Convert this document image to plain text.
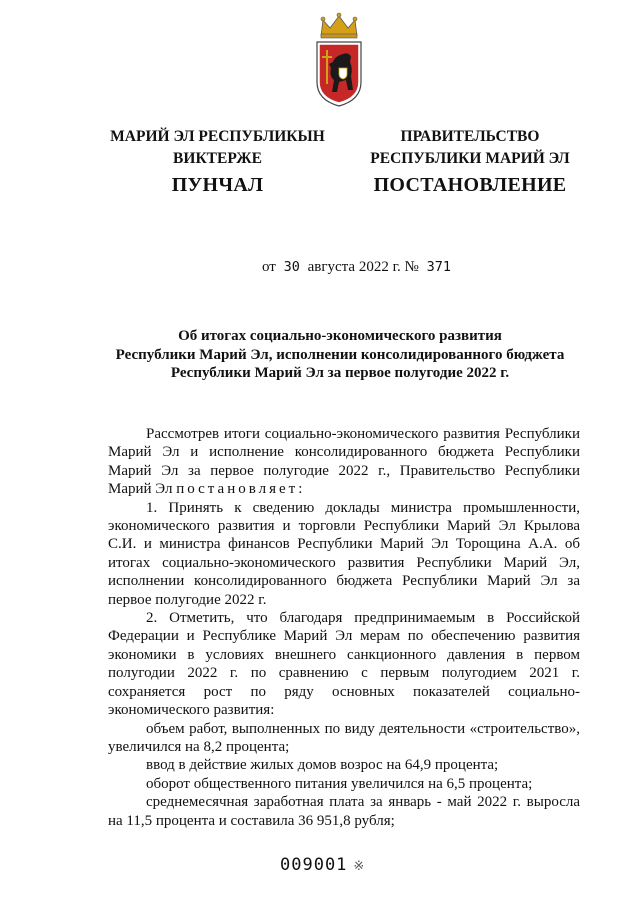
МАРИЙ ЭЛ РЕСПУБЛИКЫН
ВИКТЕРЖЕ
ПРАВИТЕЛЬСТВО
РЕСПУБЛИКИ МАРИЙ ЭЛ
ПУНЧАЛ	ПОСТАНОВЛЕНИЕ
от 30 августа 2022 г. № 371
Об итогах социально-экономического развития
Республики Марий Эл, исполнении консолидированного бюджета
Республики Марий Эл за первое полугодие 2022 г.

Рассмотрев итоги социально-экономического развития Республики Марий Эл и исполнение консолидированного бюджета Республики Марий Эл за первое полугодие 2022 г., Правительство Республики Марий Эл постановляет:

1. Принять к сведению доклады министра промышленности, экономического развития и торговли Республики Марий Эл Крылова С.И. и министра финансов Республики Марий Эл Торощина А.А. об итогах социально-экономического развития Республики Марий Эл, исполнении консолидированного бюджета Республики Марий Эл за первое полугодие 2022 г.

2. Отметить, что благодаря предпринимаемым в Российской Федерации и Республике Марий Эл мерам по обеспечению развития экономики в условиях внешнего санкционного давления в первом полугодии 2022 г. по сравнению с первым полугодием 2021 г. сохраняется рост по ряду основных показателей социально-экономического развития:

объем работ, выполненных по виду деятельности «строительство», увеличился на 8,2 процента;

ввод в действие жилых домов возрос на 64,9 процента;

оборот общественного питания увеличился на 6,5 процента;

среднемесячная заработная плата за январь - май 2022 г. выросла на 11,5 процента и составила 36 951,8 рубля;

009001 ※
